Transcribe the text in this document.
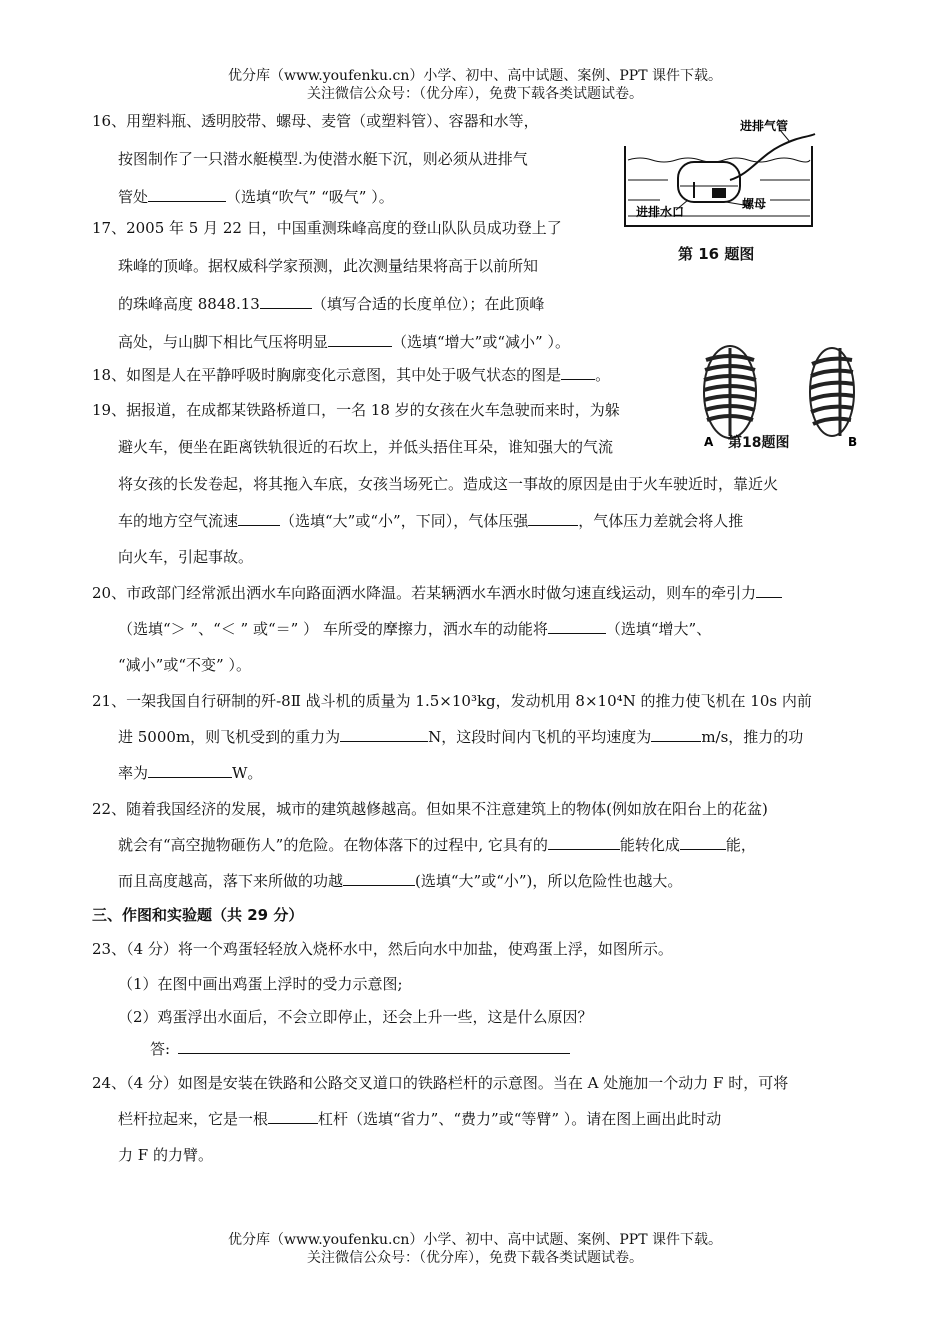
优分库（www.youfenku.cn）小学、初中、高中试题、案例、PPT 课件下载。
关注微信公众号：（优分库），免费下载各类试题试卷。
16、用塑料瓶、透明胶带、螺母、麦管（或塑料管）、容器和水等，
按图制作了一只潜水艇模型.为使潜水艇下沉，则必须从进排气
管处	（选填“吹气” “吸气” ）。
进排气管
进排水口
螺母
第 16 题图
17、2005 年 5 月 22 日，中国重测珠峰高度的登山队队员成功登上了
珠峰的顶峰。据权威科学家预测，此次测量结果将高于以前所知
的珠峰高度 8848.13	（填写合适的长度单位）；在此顶峰
高处，与山脚下相比气压将明显	（选填“增大”或“减小” ）。
A	B
第18题图
18、如图是人在平静呼吸时胸廓变化示意图，其中处于吸气状态的图是 。
19、据报道，在成都某铁路桥道口，一名 18 岁的女孩在火车急驶而来时，为躲
避火车，便坐在距离铁轨很近的石坎上，并低头捂住耳朵，谁知强大的气流
将女孩的长发卷起，将其拖入车底，女孩当场死亡。造成这一事故的原因是由于火车驶近时，靠近火
车的地方空气流速	（选填“大”或“小”，下同），气体压强	，气体压力差就会将人推
向火车，引起事故。
20、市政部门经常派出洒水车向路面洒水降温。若某辆洒水车洒水时做匀速直线运动，则车的牵引力
（选填“＞ ”、“＜ ” 或“＝” ） 车所受的摩擦力，洒水车的动能将	（选填“增大”、
“减小”或“不变” ）。
21、一架我国自行研制的歼-8Ⅱ 战斗机的质量为 1.5×10³kg，发动机用 8×10⁴N 的推力使飞机在 10s 内前
进 5000m，则飞机受到的重力为	N，这段时间内飞机的平均速度为	m/s，推力的功
率为	W。
22、随着我国经济的发展，城市的建筑越修越高。但如果不注意建筑上的物体(例如放在阳台上的花盆)
就会有“高空抛物砸伤人”的危险。在物体落下的过程中, 它具有的	能转化成	能，
而且高度越高，落下来所做的功越	(选填“大”或“小”)，所以危险性也越大。
三、作图和实验题（共 29 分）
23、（4 分）将一个鸡蛋轻轻放入烧杯水中，然后向水中加盐，使鸡蛋上浮，如图所示。
（1）在图中画出鸡蛋上浮时的受力示意图;
（2）鸡蛋浮出水面后，不会立即停止，还会上升一些，这是什么原因？
答:
24、（4 分）如图是安装在铁路和公路交叉道口的铁路栏杆的示意图。当在 A 处施加一个动力 F 时，可将
栏杆拉起来，它是一根	杠杆（选填“省力”、“费力”或“等臂” ）。请在图上画出此时动
力 F 的力臂。
优分库（www.youfenku.cn）小学、初中、高中试题、案例、PPT 课件下载。
关注微信公众号：（优分库），免费下载各类试题试卷。
